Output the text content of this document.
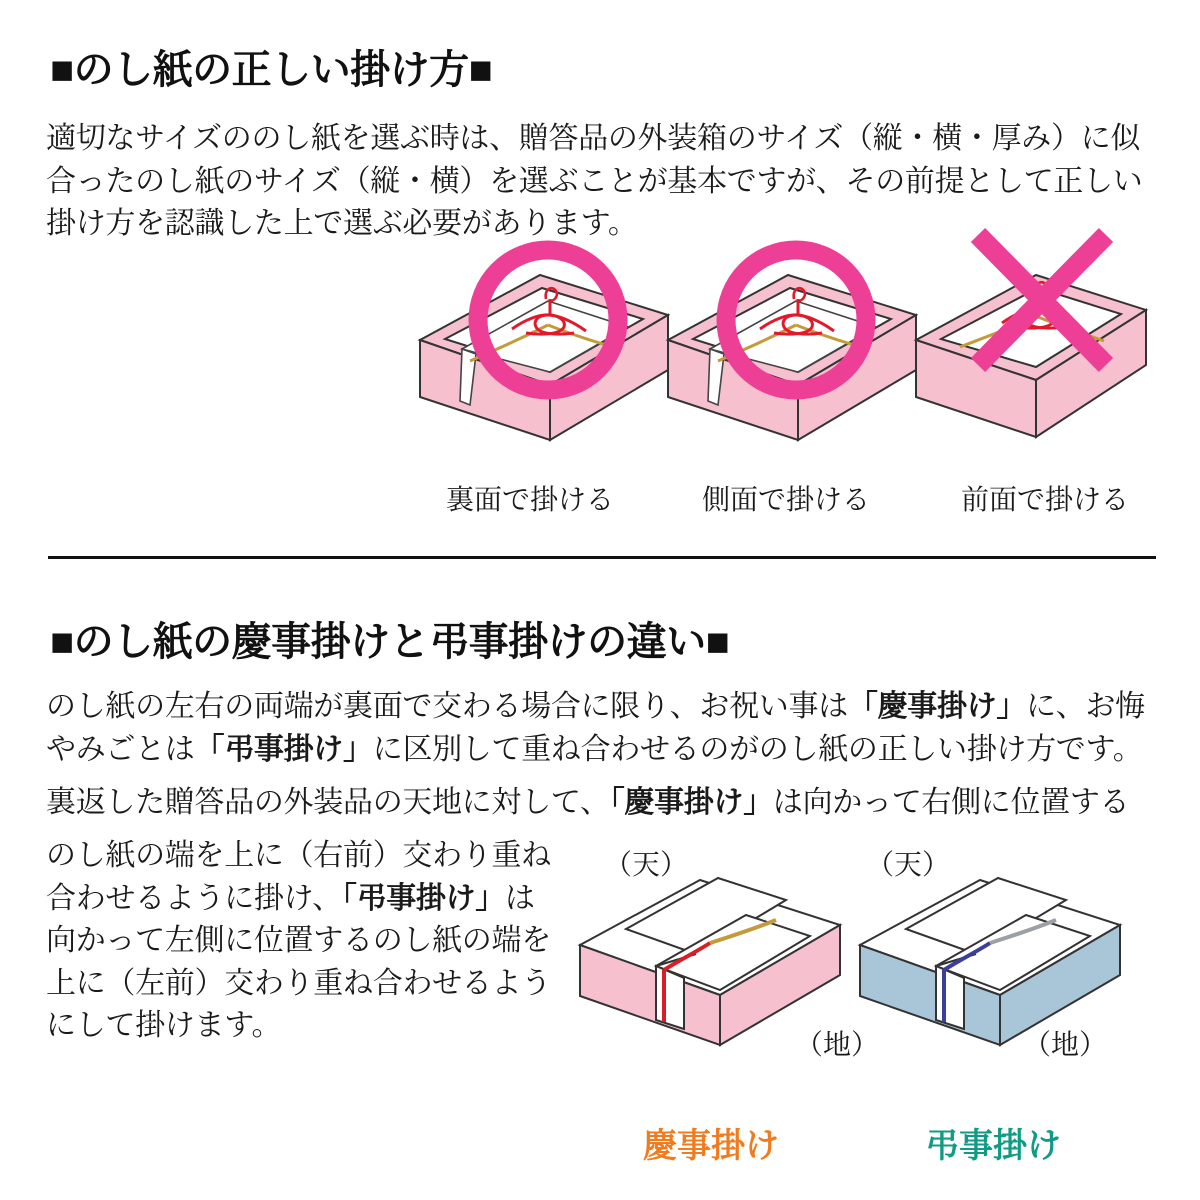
■のし紙の正しい掛け方■
適切なサイズののし紙を選ぶ時は、贈答品の外装箱のサイズ（縦・横・厚み）に似合ったのし紙のサイズ（縦・横）を選ぶことが基本ですが、その前提として正しい掛け方を認識した上で選ぶ必要があります。
裏面で掛ける	側面で掛ける	前面で掛ける
■のし紙の慶事掛けと弔事掛けの違い■
のし紙の左右の両端が裏面で交わる場合に限り、お祝い事は「慶事掛け」に、お悔やみごとは「弔事掛け」に区別して重ね合わせるのがのし紙の正しい掛け方です。
裏返した贈答品の外装品の天地に対して、「慶事掛け」は向かって右側に位置する
のし紙の端を上に（右前）交わり重ね合わせるように掛け、「弔事掛け」は向かって左側に位置するのし紙の端を上に（左前）交わり重ね合わせるようにして掛けます。
（天）	（天）
（地）	（地）
慶事掛け	弔事掛け
